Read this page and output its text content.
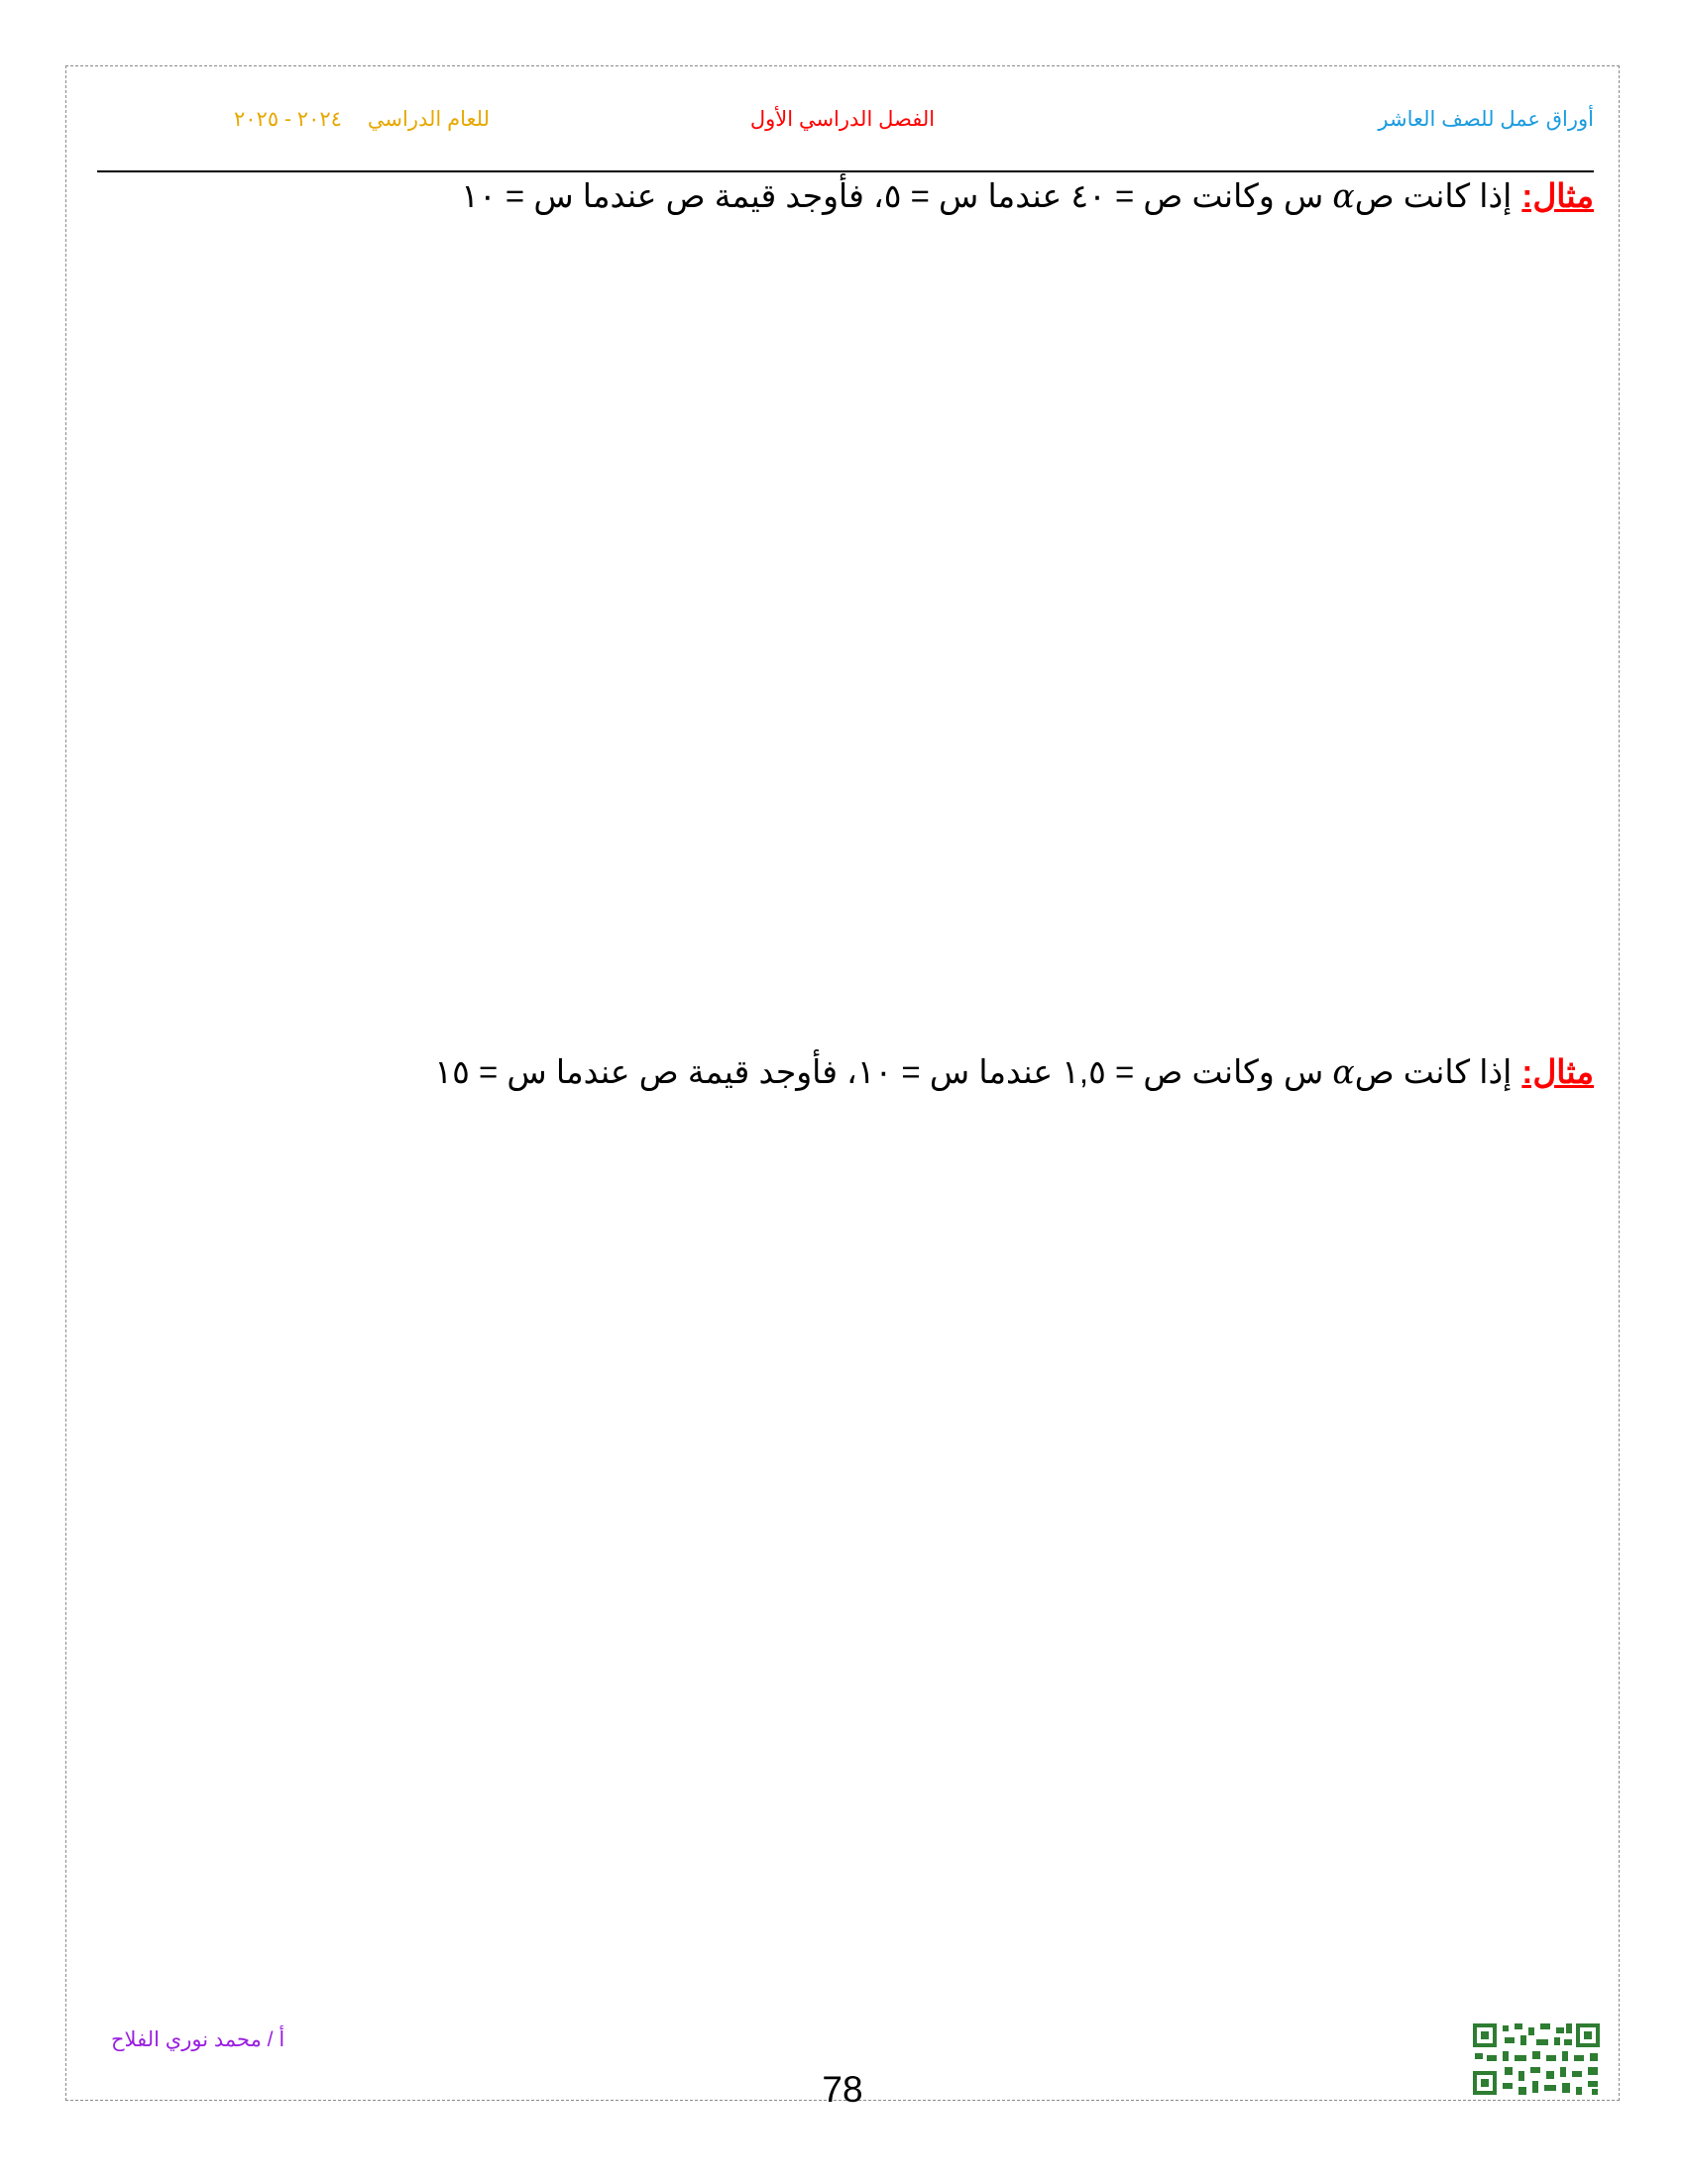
أوراق عمل للصف العاشر
الفصل الدراسي الأول
للعام الدراسي٢٠٢٤ - ٢٠٢٥
مثال:إذا كانت صα س وكانت ص = ٤٠ عندما س = ٥، فأوجد قيمة ص عندما س = ١٠
مثال:إذا كانت صα س وكانت ص = ١,٥ عندما س = ١٠، فأوجد قيمة ص عندما س = ١٥
أ / محمد نوري الفلاح
78
